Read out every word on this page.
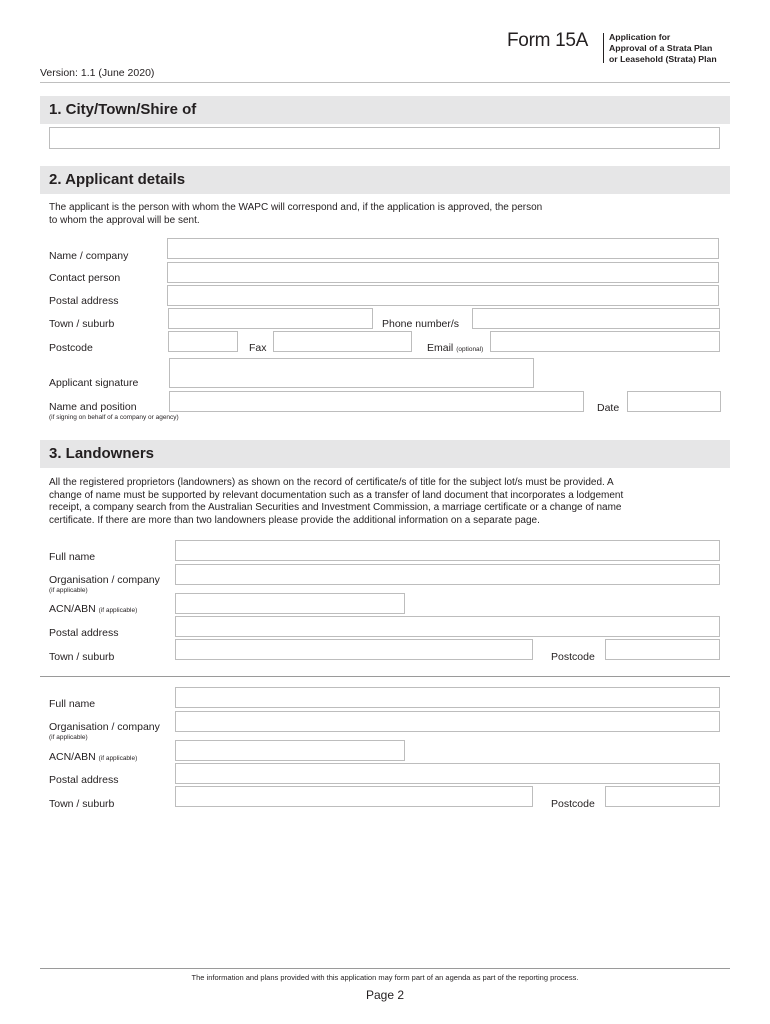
Form 15A Application for
Approval of a Strata Plan
or Leasehold (Strata) Plan
Version: 1.1 (June 2020)
1. City/Town/Shire of
2. Applicant details
The applicant is the person with whom the WAPC will correspond and, if the application is approved, the person
to whom the approval will be sent.
Name / company
Contact person
Postal address
Town / suburb	Phone number/s
Postcode	Fax	Email (optional)
Applicant signature
Name and position
(if signing on behalf of a company or agency)
Date
3. Landowners
All the registered proprietors (landowners) as shown on the record of certificate/s of title for the subject lot/s must be provided. A
change of name must be supported by relevant documentation such as a transfer of land document that incorporates a lodgement
receipt, a company search from the Australian Securities and Investment Commission, a marriage certificate or a change of name
certificate. If there are more than two landowners please provide the additional information on a separate page.
Full name
Organisation / company
(if applicable)
ACN/ABN (if applicable)
Postal address
Town / suburb	Postcode
Full name
Organisation / company
(if applicable)
ACN/ABN (if applicable)
Postal address
Town / suburb	Postcode
The information and plans provided with this application may form part of an agenda as part of the reporting process.
Page 2
